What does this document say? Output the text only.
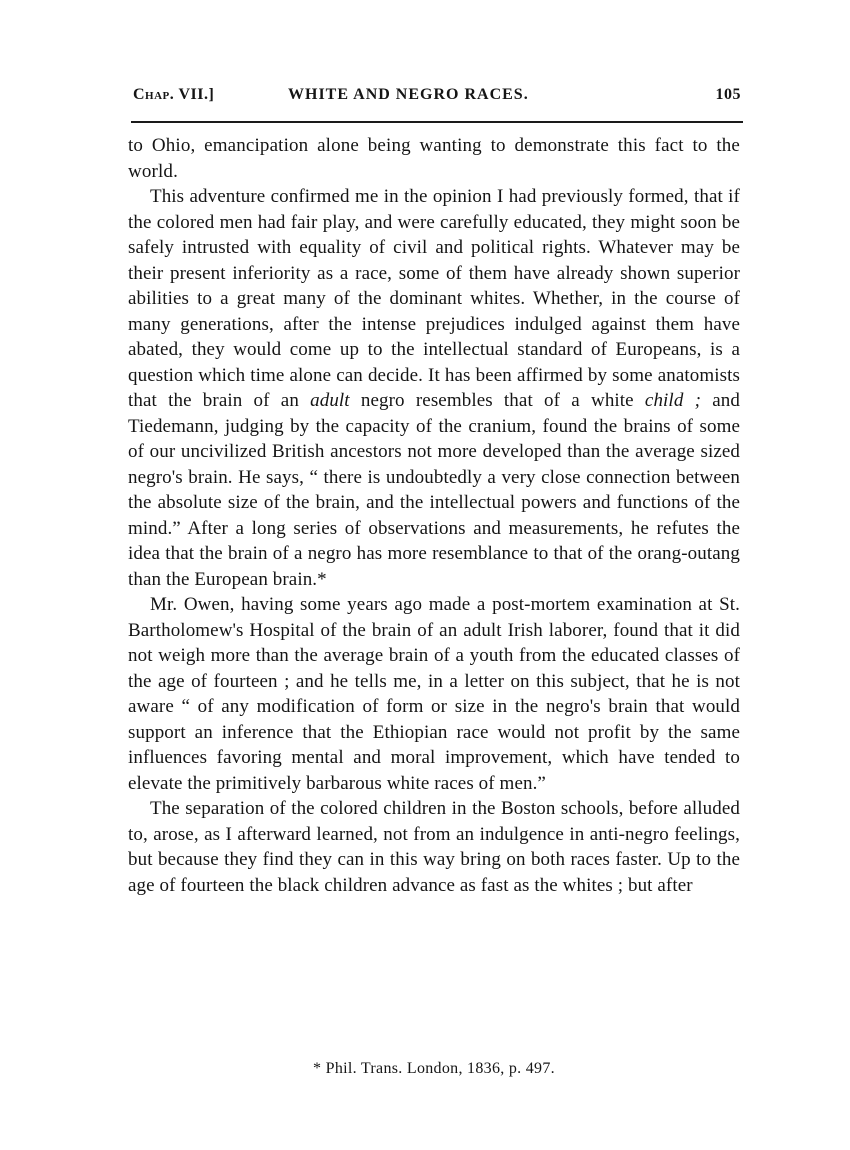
Chap. VII.]	WHITE AND NEGRO RACES.	105

to Ohio, emancipation alone being wanting to demonstrate this fact to the world.

This adventure confirmed me in the opinion I had previously formed, that if the colored men had fair play, and were carefully educated, they might soon be safely intrusted with equality of civil and political rights. Whatever may be their present inferiority as a race, some of them have already shown superior abilities to a great many of the dominant whites. Whether, in the course of many generations, after the intense prejudices indulged against them have abated, they would come up to the intellectual standard of Europeans, is a question which time alone can decide. It has been affirmed by some anatomists that the brain of an adult negro resembles that of a white child ; and Tiedemann, judging by the capacity of the cranium, found the brains of some of our uncivilized British ancestors not more developed than the average sized negro's brain. He says, “ there is undoubtedly a very close connection between the absolute size of the brain, and the intellectual powers and functions of the mind.” After a long series of observations and measurements, he refutes the idea that the brain of a negro has more resemblance to that of the orang-outang than the European brain.*

Mr. Owen, having some years ago made a post-mortem examination at St. Bartholomew's Hospital of the brain of an adult Irish laborer, found that it did not weigh more than the average brain of a youth from the educated classes of the age of fourteen ; and he tells me, in a letter on this subject, that he is not aware “ of any modification of form or size in the negro's brain that would support an inference that the Ethiopian race would not profit by the same influences favoring mental and moral improvement, which have tended to elevate the primitively barbarous white races of men.”

The separation of the colored children in the Boston schools, before alluded to, arose, as I afterward learned, not from an indulgence in anti-negro feelings, but because they find they can in this way bring on both races faster. Up to the age of fourteen the black children advance as fast as the whites ; but after

* Phil. Trans. London, 1836, p. 497.
